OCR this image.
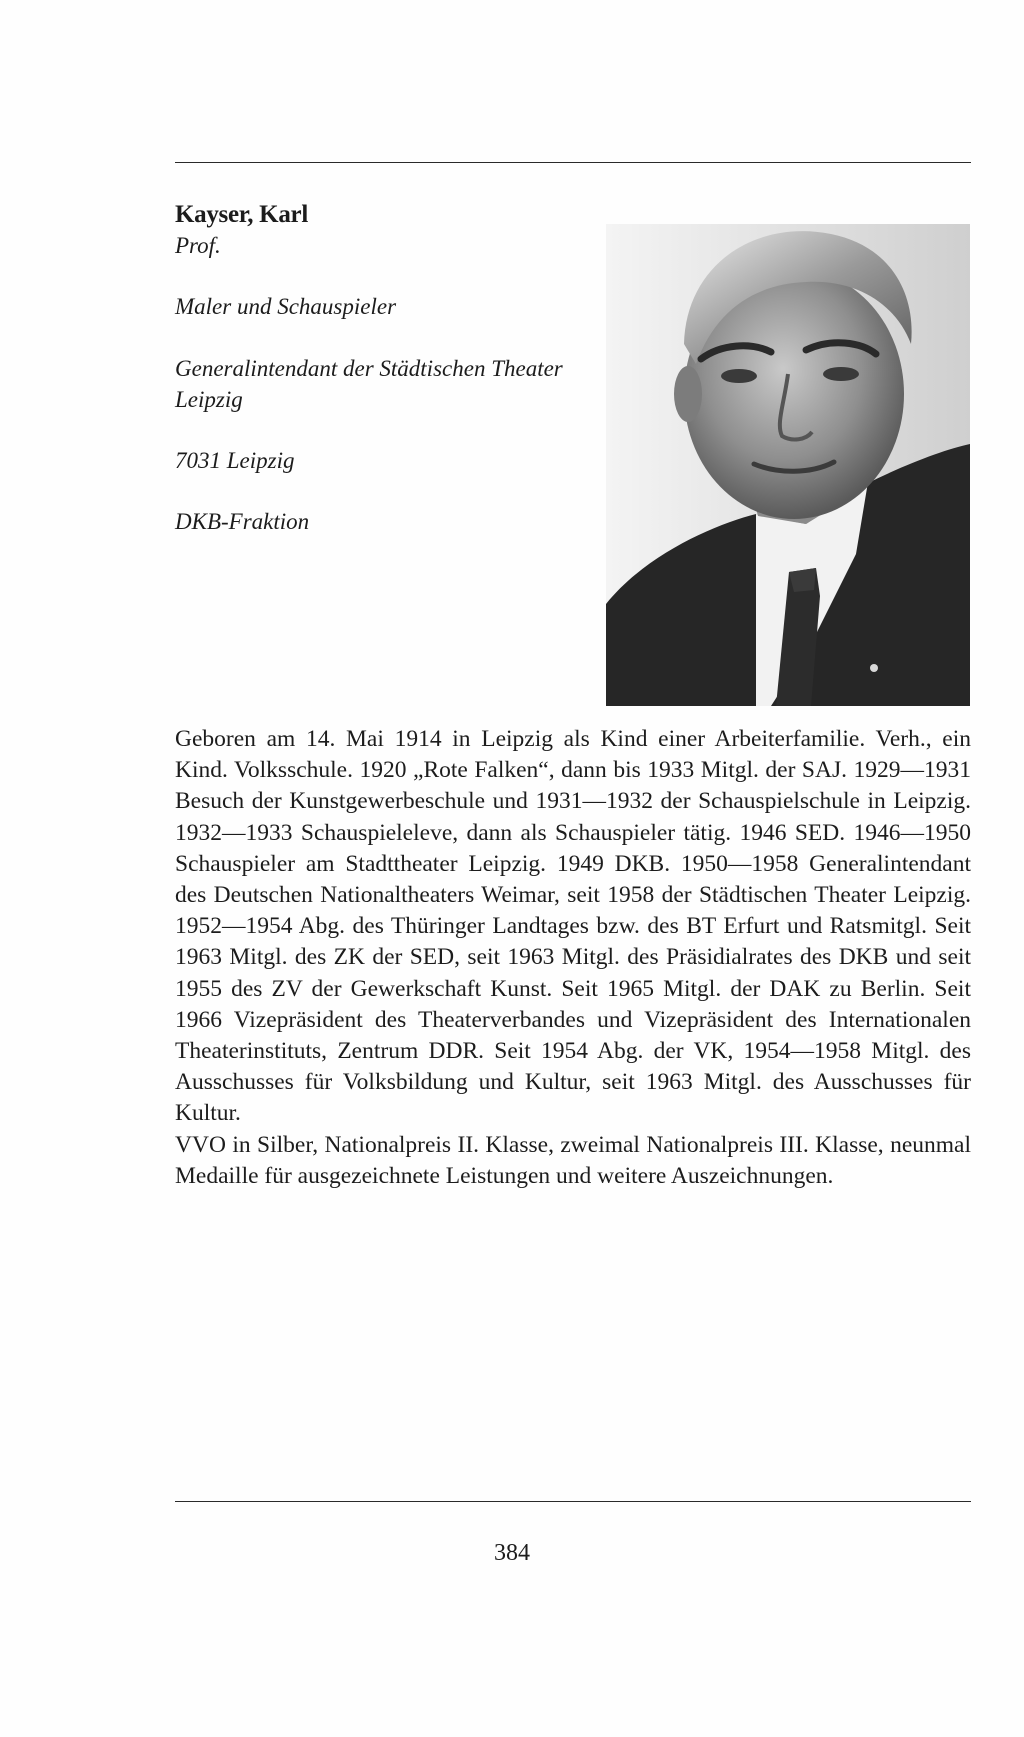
Kayser, Karl
Prof.
Maler und Schauspieler
Generalintendant der Städtischen Theater Leipzig
7031 Leipzig
DKB-Fraktion

Geboren am 14. Mai 1914 in Leipzig als Kind einer Arbeiterfamilie. Verh., ein Kind. Volksschule. 1920 „Rote Falken“, dann bis 1933 Mitgl. der SAJ. 1929—1931 Besuch der Kunstgewerbeschule und 1931—1932 der Schauspielschule in Leipzig. 1932—1933 Schauspieleleve, dann als Schauspieler tätig. 1946 SED. 1946—1950 Schauspieler am Stadttheater Leipzig. 1949 DKB. 1950—1958 Generalintendant des Deutschen Nationaltheaters Weimar, seit 1958 der Städtischen Theater Leipzig. 1952—1954 Abg. des Thüringer Landtages bzw. des BT Erfurt und Ratsmitgl. Seit 1963 Mitgl. des ZK der SED, seit 1963 Mitgl. des Präsidialrates des DKB und seit 1955 des ZV der Gewerkschaft Kunst. Seit 1965 Mitgl. der DAK zu Berlin. Seit 1966 Vizepräsident des Theaterverbandes und Vizepräsident des Internationalen Theaterinstituts, Zentrum DDR. Seit 1954 Abg. der VK, 1954—1958 Mitgl. des Ausschusses für Volksbildung und Kultur, seit 1963 Mitgl. des Ausschusses für Kultur.

VVO in Silber, Nationalpreis II. Klasse, zweimal Nationalpreis III. Klasse, neunmal Medaille für ausgezeichnete Leistungen und weitere Auszeichnungen.

384
